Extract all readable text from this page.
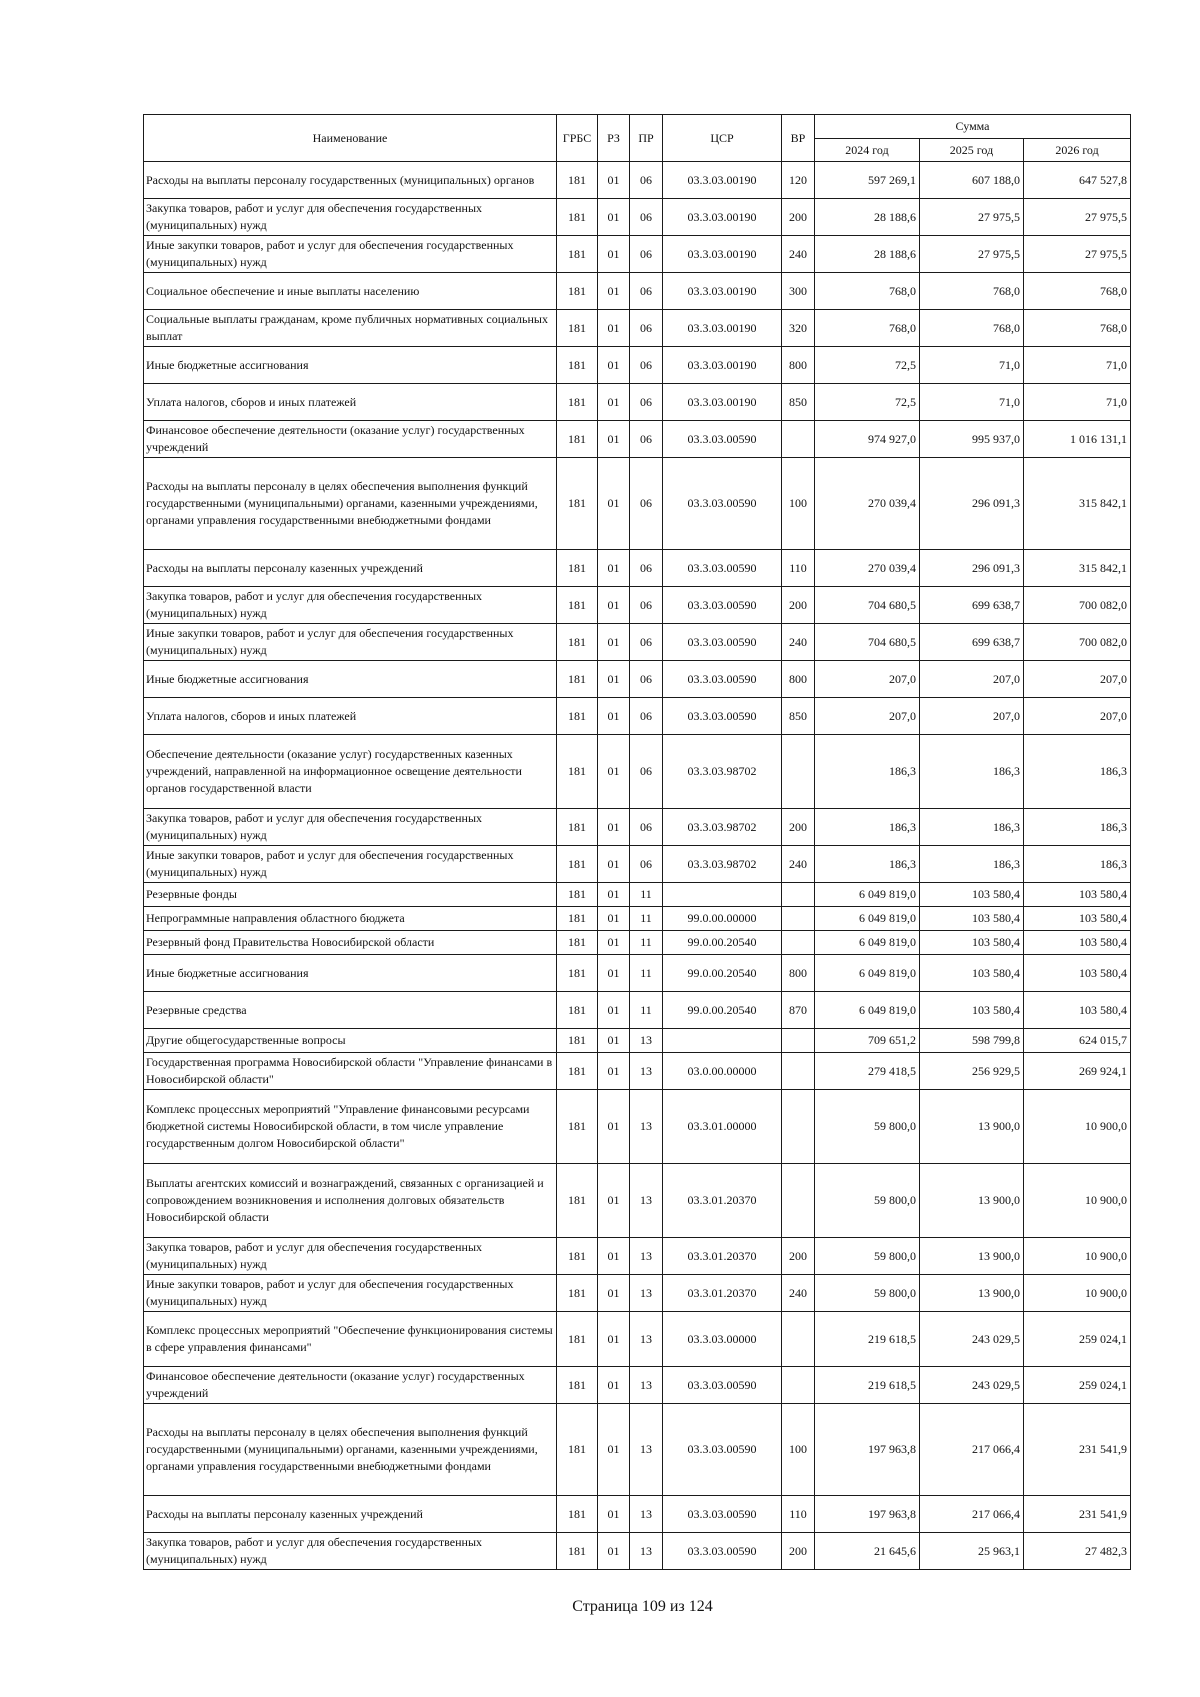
Наименование	ГРБС	РЗ	ПР	ЦСР	ВР	Сумма		
						2024 год	2025 год	2026 год
Расходы на выплаты персоналу государственных (муниципальных) органов	181	01	06	03.3.03.00190	120	597 269,1	607 188,0	647 527,8
Закупка товаров, работ и услуг для обеспечения государственных (муниципальных) нужд	181	01	06	03.3.03.00190	200	28 188,6	27 975,5	27 975,5
Иные закупки товаров, работ и услуг для обеспечения государственных (муниципальных) нужд	181	01	06	03.3.03.00190	240	28 188,6	27 975,5	27 975,5
Социальное обеспечение и иные выплаты населению	181	01	06	03.3.03.00190	300	768,0	768,0	768,0
Социальные выплаты гражданам, кроме публичных нормативных социальных выплат	181	01	06	03.3.03.00190	320	768,0	768,0	768,0
Иные бюджетные ассигнования	181	01	06	03.3.03.00190	800	72,5	71,0	71,0
Уплата налогов, сборов и иных платежей	181	01	06	03.3.03.00190	850	72,5	71,0	71,0
Финансовое обеспечение деятельности (оказание услуг) государственных учреждений	181	01	06	03.3.03.00590		974 927,0	995 937,0	1 016 131,1
Расходы на выплаты персоналу в целях обеспечения выполнения функций государственными (муниципальными) органами, казенными учреждениями, органами управления государственными внебюджетными фондами	181	01	06	03.3.03.00590	100	270 039,4	296 091,3	315 842,1
Расходы на выплаты персоналу казенных учреждений	181	01	06	03.3.03.00590	110	270 039,4	296 091,3	315 842,1
Закупка товаров, работ и услуг для обеспечения государственных (муниципальных) нужд	181	01	06	03.3.03.00590	200	704 680,5	699 638,7	700 082,0
Иные закупки товаров, работ и услуг для обеспечения государственных (муниципальных) нужд	181	01	06	03.3.03.00590	240	704 680,5	699 638,7	700 082,0
Иные бюджетные ассигнования	181	01	06	03.3.03.00590	800	207,0	207,0	207,0
Уплата налогов, сборов и иных платежей	181	01	06	03.3.03.00590	850	207,0	207,0	207,0
Обеспечение деятельности (оказание услуг) государственных казенных учреждений, направленной на информационное освещение деятельности органов государственной власти	181	01	06	03.3.03.98702		186,3	186,3	186,3
Закупка товаров, работ и услуг для обеспечения государственных (муниципальных) нужд	181	01	06	03.3.03.98702	200	186,3	186,3	186,3
Иные закупки товаров, работ и услуг для обеспечения государственных (муниципальных) нужд	181	01	06	03.3.03.98702	240	186,3	186,3	186,3
Резервные фонды	181	01	11			6 049 819,0	103 580,4	103 580,4
Непрограммные направления областного бюджета	181	01	11	99.0.00.00000		6 049 819,0	103 580,4	103 580,4
Резервный фонд Правительства Новосибирской области	181	01	11	99.0.00.20540		6 049 819,0	103 580,4	103 580,4
Иные бюджетные ассигнования	181	01	11	99.0.00.20540	800	6 049 819,0	103 580,4	103 580,4
Резервные средства	181	01	11	99.0.00.20540	870	6 049 819,0	103 580,4	103 580,4
Другие общегосударственные вопросы	181	01	13			709 651,2	598 799,8	624 015,7
Государственная программа Новосибирской области "Управление финансами в Новосибирской области"	181	01	13	03.0.00.00000		279 418,5	256 929,5	269 924,1
Комплекс процессных мероприятий "Управление финансовыми ресурсами бюджетной системы Новосибирской области, в том числе управление государственным долгом Новосибирской области"	181	01	13	03.3.01.00000		59 800,0	13 900,0	10 900,0
Выплаты агентских комиссий и вознаграждений, связанных с организацией и сопровождением возникновения и исполнения долговых обязательств Новосибирской области	181	01	13	03.3.01.20370		59 800,0	13 900,0	10 900,0
Закупка товаров, работ и услуг для обеспечения государственных (муниципальных) нужд	181	01	13	03.3.01.20370	200	59 800,0	13 900,0	10 900,0
Иные закупки товаров, работ и услуг для обеспечения государственных (муниципальных) нужд	181	01	13	03.3.01.20370	240	59 800,0	13 900,0	10 900,0
Комплекс процессных мероприятий "Обеспечение функционирования системы в сфере управления финансами"	181	01	13	03.3.03.00000		219 618,5	243 029,5	259 024,1
Финансовое обеспечение деятельности (оказание услуг) государственных учреждений	181	01	13	03.3.03.00590		219 618,5	243 029,5	259 024,1
Расходы на выплаты персоналу в целях обеспечения выполнения функций государственными (муниципальными) органами, казенными учреждениями, органами управления государственными внебюджетными фондами	181	01	13	03.3.03.00590	100	197 963,8	217 066,4	231 541,9
Расходы на выплаты персоналу казенных учреждений	181	01	13	03.3.03.00590	110	197 963,8	217 066,4	231 541,9
Закупка товаров, работ и услуг для обеспечения государственных (муниципальных) нужд	181	01	13	03.3.03.00590	200	21 645,6	25 963,1	27 482,3
Страница 109 из 124
